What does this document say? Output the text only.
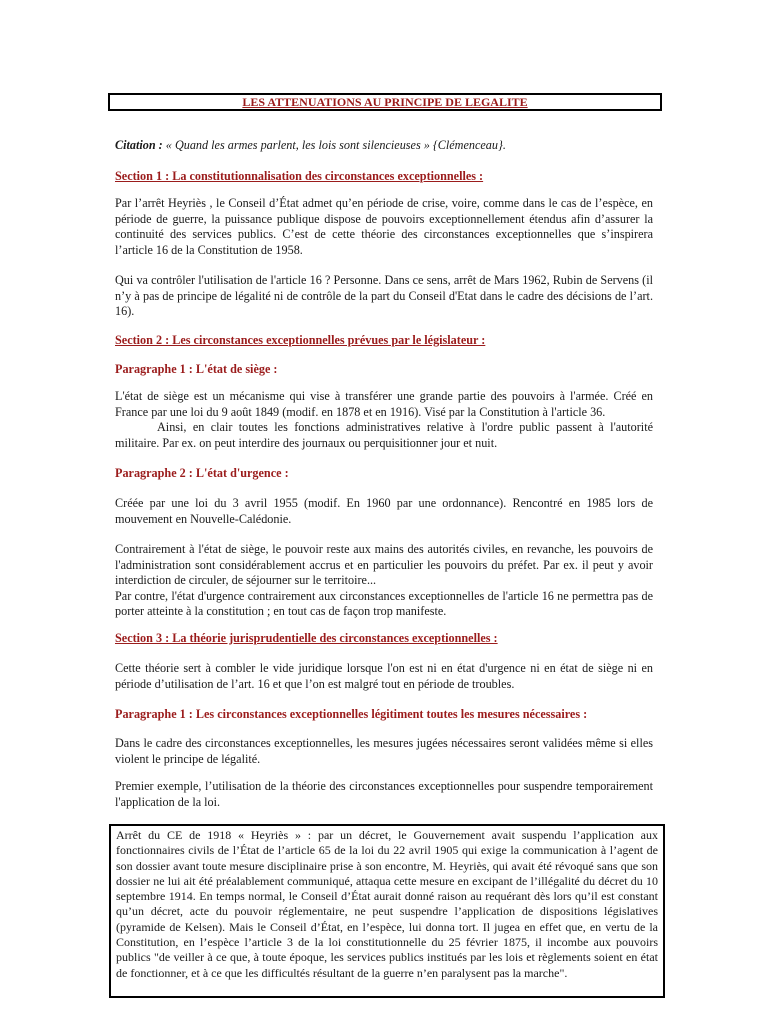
LES ATTENUATIONS AU PRINCIPE DE LEGALITE
Citation : « Quand les armes parlent, les lois sont silencieuses » {Clémenceau}.
Section 1 : La constitutionnalisation des circonstances exceptionnelles :
Par l’arrêt Heyriès , le Conseil d’État admet qu’en période de crise, voire, comme dans le cas de l’espèce, en période de guerre, la puissance publique dispose de pouvoirs exceptionnellement étendus afin d’assurer la continuité des services publics. C’est de cette théorie des circonstances exceptionnelles que s’inspirera l’article 16 de la Constitution de 1958.
Qui va contrôler l'utilisation de l'article 16 ? Personne. Dans ce sens, arrêt de Mars 1962, Rubin de Servens (il n’y à pas de principe de légalité ni de contrôle de la part du Conseil d'Etat dans le cadre des décisions de l’art. 16).
Section 2 : Les circonstances exceptionnelles prévues par le législateur :
Paragraphe 1 : L'état de siège :
L'état de siège est un mécanisme qui vise à transférer une grande partie des pouvoirs à l'armée. Créé en France par une loi du 9 août 1849 (modif. en 1878 et en 1916). Visé par la Constitution à l'article 36.
Ainsi, en clair toutes les fonctions administratives relative à l'ordre public passent à l'autorité militaire. Par ex. on peut interdire des journaux ou perquisitionner jour et nuit.
Paragraphe 2 : L'état d'urgence :
Créée par une loi du 3 avril 1955 (modif. En 1960 par une ordonnance). Rencontré en 1985 lors de mouvement en Nouvelle-Calédonie.
Contrairement à l'état de siège, le pouvoir reste aux mains des autorités civiles, en revanche, les pouvoirs de l'administration sont considérablement accrus et en particulier les pouvoirs du préfet. Par ex. il peut y avoir interdiction de circuler, de séjourner sur le territoire...
Par contre, l'état d'urgence contrairement aux circonstances exceptionnelles de l'article 16 ne permettra pas de porter atteinte à la constitution ; en tout cas de façon trop manifeste.
Section 3 : La théorie jurisprudentielle des circonstances exceptionnelles :
Cette théorie sert à combler le vide juridique lorsque l'on est ni en état d'urgence ni en état de siège ni en période d’utilisation de l’art. 16 et que l’on est malgré tout en période de troubles.
Paragraphe 1 : Les circonstances exceptionnelles légitiment toutes les mesures nécessaires :
Dans le cadre des circonstances exceptionnelles, les mesures jugées nécessaires seront validées même si elles violent le principe de légalité.
Premier exemple, l’utilisation de la théorie des circonstances exceptionnelles pour suspendre temporairement l'application de la loi.
Arrêt du CE de 1918 « Heyriès » : par un décret, le Gouvernement avait suspendu l’application aux fonctionnaires civils de l’État de l’article 65 de la loi du 22 avril 1905 qui exige la communication à l’agent de son dossier avant toute mesure disciplinaire prise à son encontre, M. Heyriès, qui avait été révoqué sans que son dossier ne lui ait été préalablement communiqué, attaqua cette mesure en excipant de l’illégalité du décret du 10 septembre 1914. En temps normal, le Conseil d’État aurait donné raison au requérant dès lors qu’il est constant qu’un décret, acte du pouvoir réglementaire, ne peut suspendre l’application de dispositions législatives (pyramide de Kelsen). Mais le Conseil d’État, en l’espèce, lui donna tort. Il jugea en effet que, en vertu de la Constitution, en l’espèce l’article 3 de la loi constitutionnelle du 25 février 1875, il incombe aux pouvoirs publics "de veiller à ce que, à toute époque, les services publics institués par les lois et règlements soient en état de fonctionner, et à ce que les difficultés résultant de la guerre n’en paralysent pas la marche".
